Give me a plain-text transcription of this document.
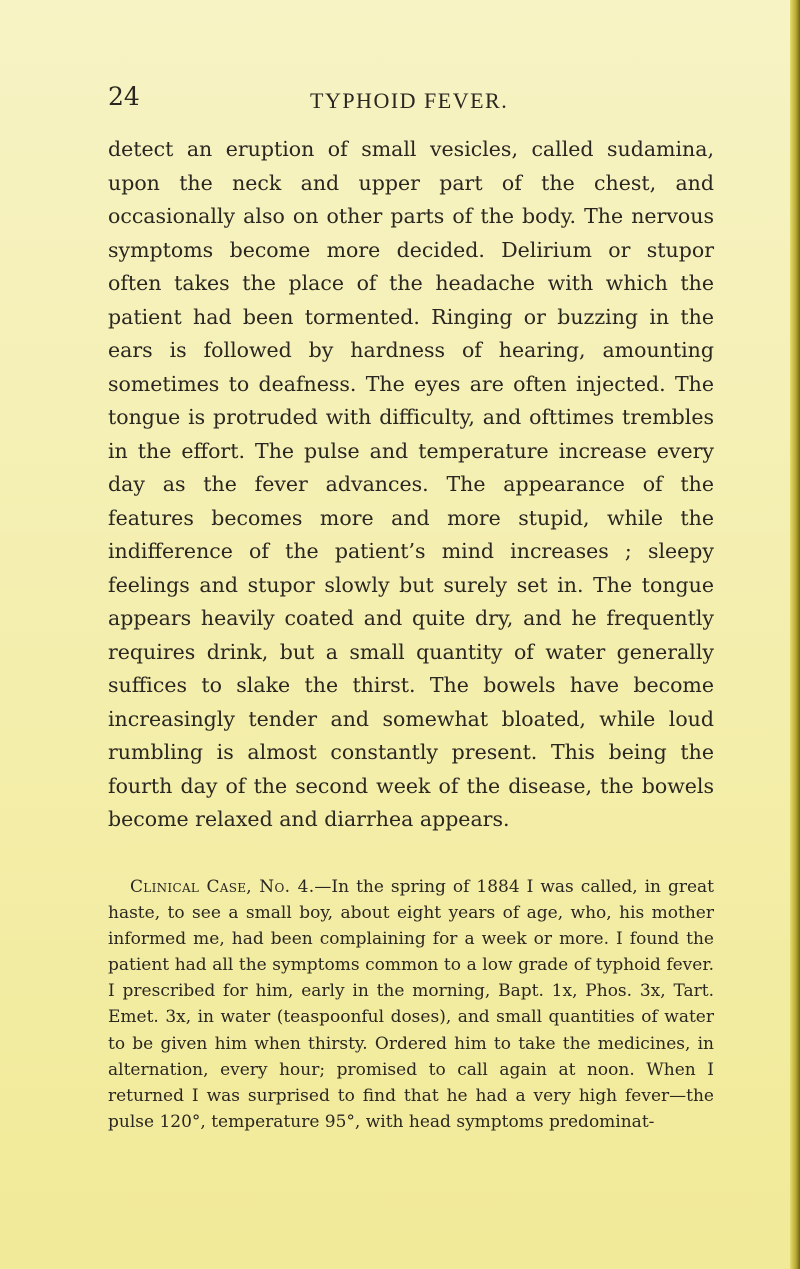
24	TYPHOID FEVER.

detect an eruption of small vesicles, called sudamina, upon the neck and upper part of the chest, and occasionally also on other parts of the body. The nervous symptoms become more decided. Delirium or stupor often takes the place of the headache with which the patient had been tormented. Ringing or buzzing in the ears is followed by hardness of hearing, amounting sometimes to deafness. The eyes are often injected. The tongue is protruded with difficulty, and ofttimes trembles in the effort. The pulse and temperature increase every day as the fever advances. The appearance of the features becomes more and more stupid, while the indifference of the patient’s mind increases ; sleepy feelings and stupor slowly but surely set in. The tongue appears heavily coated and quite dry, and he frequently requires drink, but a small quantity of water generally suffices to slake the thirst. The bowels have become increasingly tender and somewhat bloated, while loud rumbling is almost constantly present. This being the fourth day of the second week of the disease, the bowels become relaxed and diarrhea appears.

Clinical Case, No. 4.—In the spring of 1884 I was called, in great haste, to see a small boy, about eight years of age, who, his mother informed me, had been complaining for a week or more. I found the patient had all the symptoms common to a low grade of typhoid fever. I prescribed for him, early in the morning, Bapt. 1x, Phos. 3x, Tart. Emet. 3x, in water (teaspoonful doses), and small quantities of water to be given him when thirsty. Ordered him to take the medicines, in alternation, every hour; promised to call again at noon. When I returned I was surprised to find that he had a very high fever—the pulse 120°, temperature 95°, with head symptoms predominat-
